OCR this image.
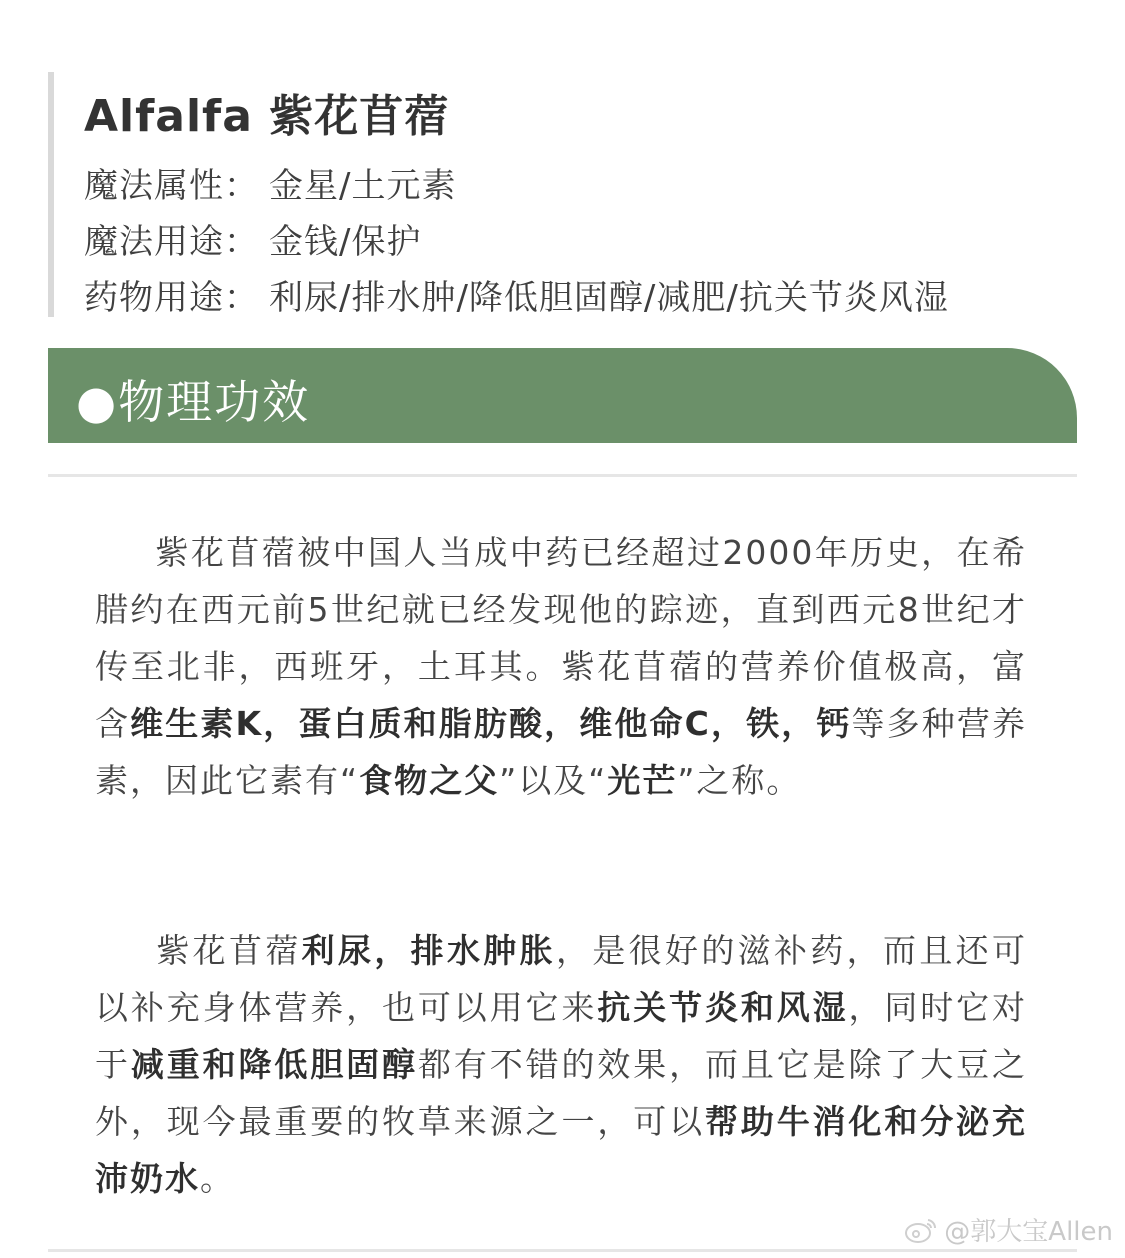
Alfalfa 紫花苜蓿
魔法属性： 金星/土元素
魔法用途： 金钱/保护
药物用途： 利尿/排水肿/降低胆固醇/减肥/抗关节炎风湿
●物理功效
紫花苜蓿被中国人当成中药已经超过2000年历史，在希腊约在西元前5世纪就已经发现他的踪迹，直到西元8世纪才传至北非，西班牙，土耳其。紫花苜蓿的营养价值极高，富含维生素K，蛋白质和脂肪酸，维他命C，铁，钙等多种营养素，因此它素有“食物之父”以及“光芒”之称。
紫花苜蓿利尿，排水肿胀，是很好的滋补药，而且还可以补充身体营养，也可以用它来抗关节炎和风湿，同时它对于减重和降低胆固醇都有不错的效果，而且它是除了大豆之外，现今最重要的牧草来源之一，可以帮助牛消化和分泌充沛奶水。
@郭大宝Allen
